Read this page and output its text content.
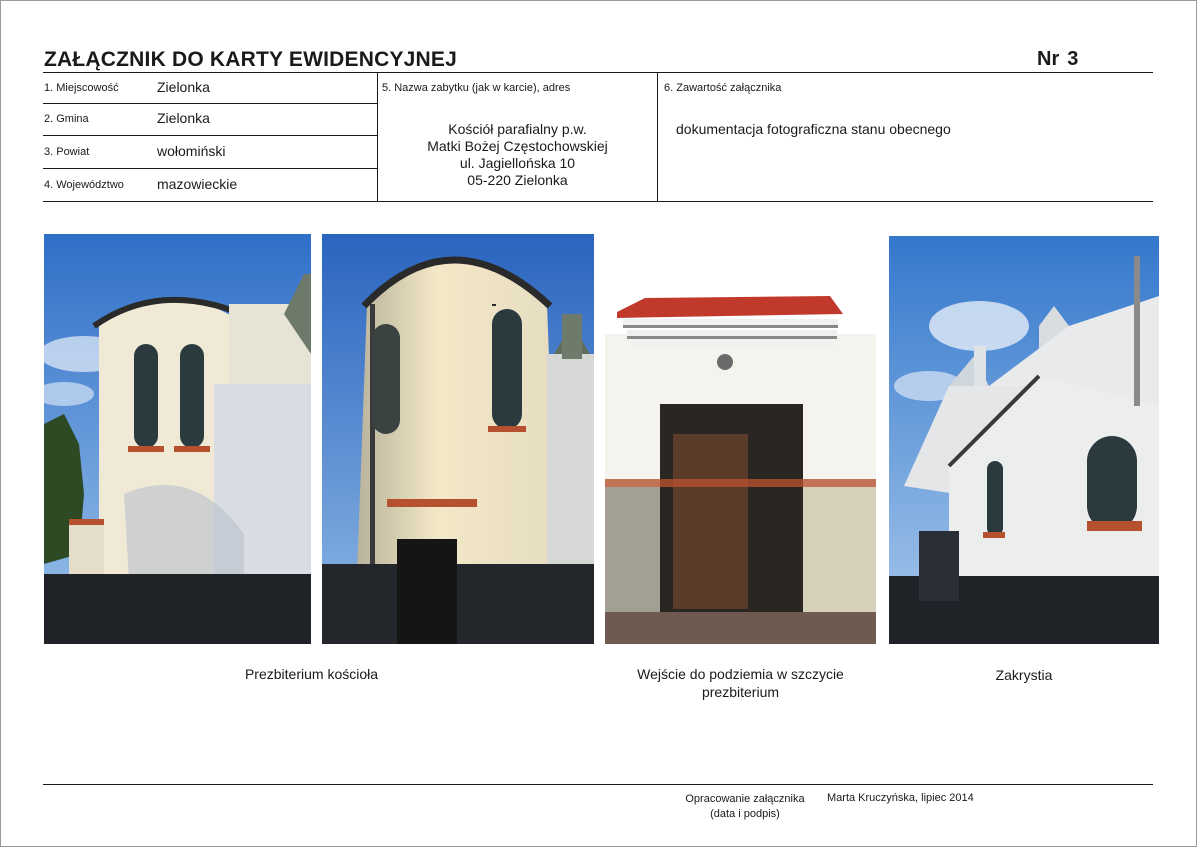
ZAŁĄCZNIK DO KARTY EWIDENCYJNEJ	Nr 3
1. Miejscowość	Zielonka
2. Gmina	Zielonka
3. Powiat	wołomiński
4. Województwo mazowieckie
5. Nazwa zabytku (jak w karcie), adres
Kościół parafialny p.w.
Matki Bożej Częstochowskiej
ul. Jagiellońska 10
05-220 Zielonka
6. Zawartość załącznika
dokumentacja fotograficzna stanu obecnego
Prezbiterium kościoła	Wejście do podziemia w szczycie
prezbiterium
Zakrystia
Opracowanie załącznika
(data i podpis)
Marta Kruczyńska, lipiec 2014
